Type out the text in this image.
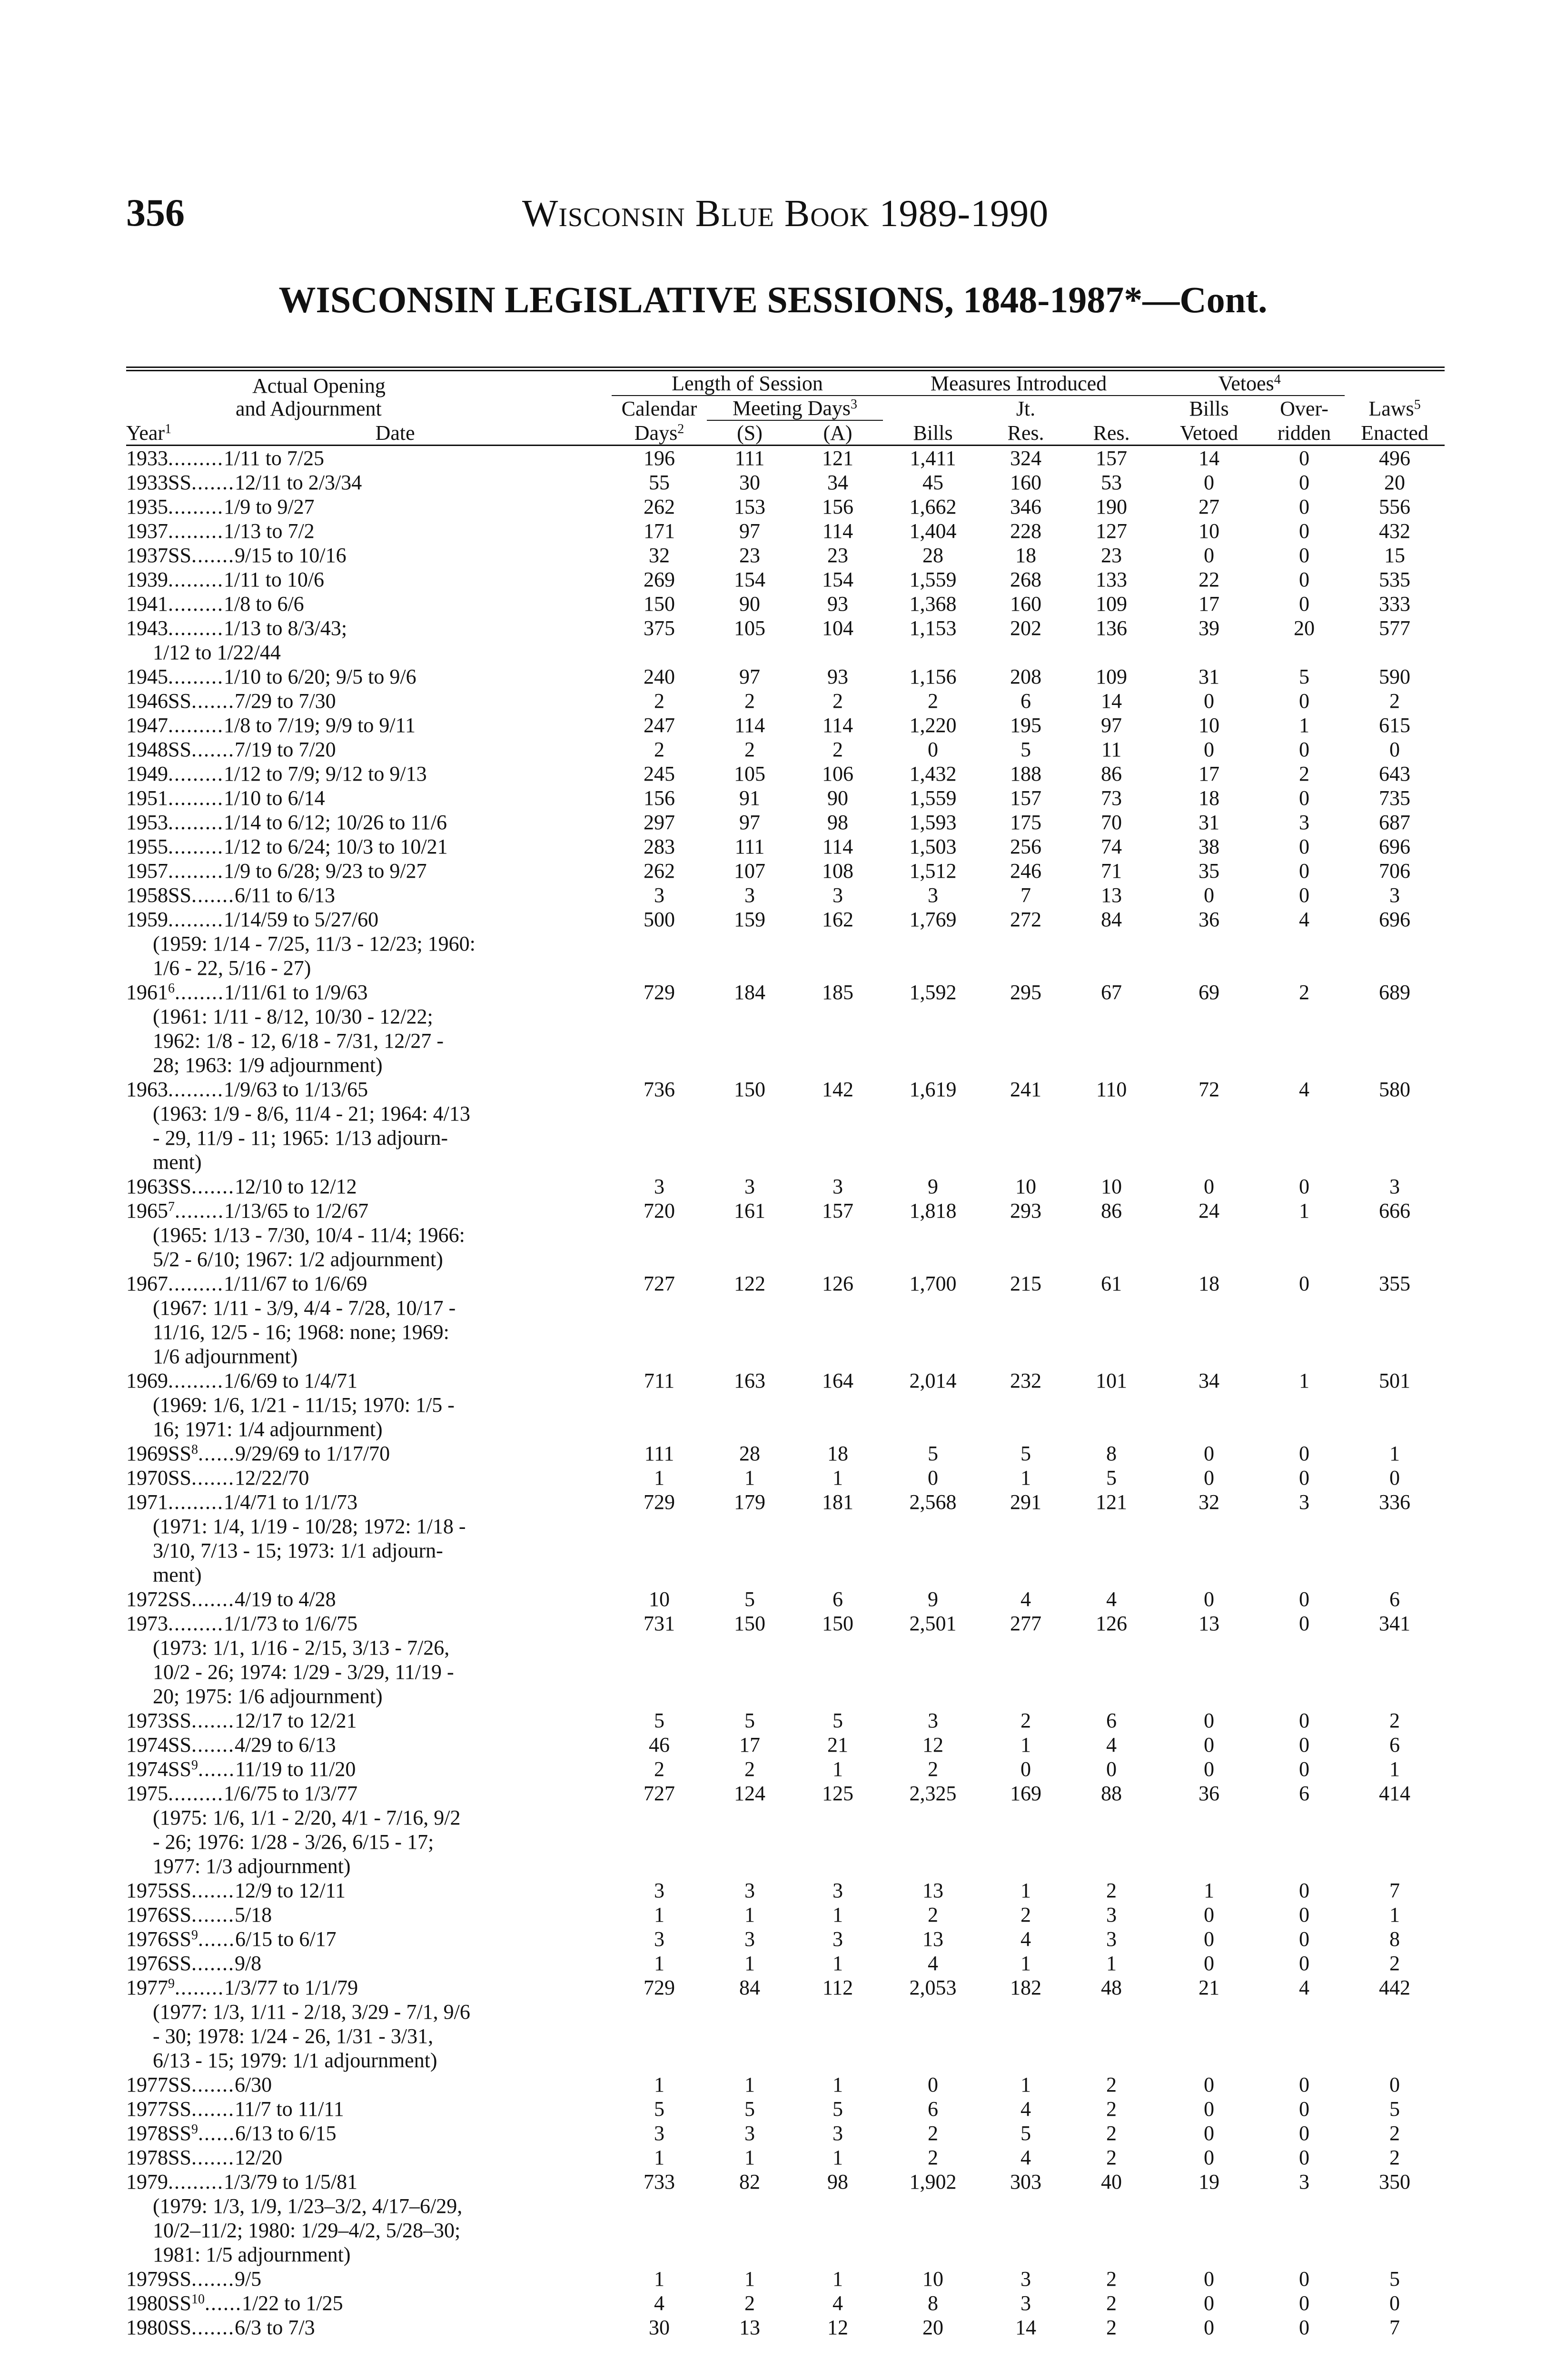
356	Wisconsin Blue Book 1989-1990
WISCONSIN LEGISLATIVE SESSIONS, 1848-1987*—Cont.
Actual Opening
and Adjournment	Length of Session			Measures Introduced			Vetoes$^4$	
	Calendar	Meeting Days$^3$			Jt.		Bills	Over-	Laws$^5$
Year$^1$ Date	Days$^2$	(S)	(A)	Bills	Res.	Res.	Vetoed	ridden	Enacted
1933.........1/11 to 7/25	196	111	121	1,411	324	157	14	0	496
1933SS.......12/11 to 2/3/34	55	30	34	45	160	53	0	0	20
1935.........1/9 to 9/27	262	153	156	1,662	346	190	27	0	556
1937.........1/13 to 7/2	171	97	114	1,404	228	127	10	0	432
1937SS.......9/15 to 10/16	32	23	23	28	18	23	0	0	15
1939.........1/11 to 10/6	269	154	154	1,559	268	133	22	0	535
1941.........1/8 to 6/6	150	90	93	1,368	160	109	17	0	333
1943.........1/13 to 8/3/43;	375	105	104	1,153	202	136	39	20	577
1/12 to 1/22/44									
1945.........1/10 to 6/20; 9/5 to 9/6	240	97	93	1,156	208	109	31	5	590
1946SS.......7/29 to 7/30	2	2	2	2	6	14	0	0	2
1947.........1/8 to 7/19; 9/9 to 9/11	247	114	114	1,220	195	97	10	1	615
1948SS.......7/19 to 7/20	2	2	2	0	5	11	0	0	0
1949.........1/12 to 7/9; 9/12 to 9/13	245	105	106	1,432	188	86	17	2	643
1951.........1/10 to 6/14	156	91	90	1,559	157	73	18	0	735
1953.........1/14 to 6/12; 10/26 to 11/6	297	97	98	1,593	175	70	31	3	687
1955.........1/12 to 6/24; 10/3 to 10/21	283	111	114	1,503	256	74	38	0	696
1957.........1/9 to 6/28; 9/23 to 9/27	262	107	108	1,512	246	71	35	0	706
1958SS.......6/11 to 6/13	3	3	3	3	7	13	0	0	3
1959.........1/14/59 to 5/27/60	500	159	162	1,769	272	84	36	4	696
(1959: 1/14 - 7/25, 11/3 - 12/23; 1960:
1/6 - 22, 5/16 - 27)									
1961$^6$........1/11/61 to 1/9/63	729	184	185	1,592	295	67	69	2	689
(1961: 1/11 - 8/12, 10/30 - 12/22;
1962: 1/8 - 12, 6/18 - 7/31, 12/27 -
28; 1963: 1/9 adjournment)									
1963.........1/9/63 to 1/13/65	736	150	142	1,619	241	110	72	4	580
(1963: 1/9 - 8/6, 11/4 - 21; 1964: 4/13
- 29, 11/9 - 11; 1965: 1/13 adjourn-
ment)									
1963SS.......12/10 to 12/12	3	3	3	9	10	10	0	0	3
1965$^7$........1/13/65 to 1/2/67	720	161	157	1,818	293	86	24	1	666
(1965: 1/13 - 7/30, 10/4 - 11/4; 1966:
5/2 - 6/10; 1967: 1/2 adjournment)									
1967.........1/11/67 to 1/6/69	727	122	126	1,700	215	61	18	0	355
(1967: 1/11 - 3/9, 4/4 - 7/28, 10/17 -
11/16, 12/5 - 16; 1968: none; 1969:
1/6 adjournment)									
1969.........1/6/69 to 1/4/71	711	163	164	2,014	232	101	34	1	501
(1969: 1/6, 1/21 - 11/15; 1970: 1/5 -
16; 1971: 1/4 adjournment)									
$1969SS^8......9/29/69$ to 1/17/70	111	28	18	5	5	8	0	0	1
1970SS.......12/22/70	1	1	1	0	1	5	0	0	0
1971.........1/4/71 to 1/1/73	729	179	181	2,568	291	121	32	3	336
(1971: 1/4, 1/19 - 10/28; 1972: 1/18 -
3/10, 7/13 - 15; 1973: 1/1 adjourn-
ment)									
1972SS.......4/19 to 4/28	10	5	6	9	4	4	0	0	6
1973.........1/1/73 to 1/6/75	731	150	150	2,501	277	126	13	0	341
(1973: 1/1, 1/16 - 2/15, 3/13 - 7/26,
10/2 - 26; 1974: 1/29 - 3/29, 11/19 -
20; 1975: 1/6 adjournment)									
1973SS.......12/17 to 12/21	5	5	5	3	2	6	0	0	2
1974SS.......4/29 to 6/13	46	17	21	12	1	4	0	0	6
$1974SS^9......11/19$ to 11/20	2	2	1	2	0	0	0	0	1
1975.........1/6/75 to 1/3/77	727	124	125	2,325	169	88	36	6	414
(1975: 1/6, 1/1 - 2/20, 4/1 - 7/16, 9/2
- 26; 1976: 1/28 - 3/26, 6/15 - 17;
1977: 1/3 adjournment)									
1975SS.......12/9 to 12/11	3	3	3	13	1	2	1	0	7
1976SS.......5/18	1	1	1	2	2	3	0	0	1
$1976SS^9......6/15$ to 6/17	3	3	3	13	4	3	0	0	8
1976SS.......9/8	1	1	1	4	1	1	0	0	2
1977$^9$........1/3/77 to 1/1/79	729	84	112	2,053	182	48	21	4	442
(1977: 1/3, 1/11 - 2/18, 3/29 - 7/1, 9/6
- 30; 1978: 1/24 - 26, 1/31 - 3/31,
6/13 - 15; 1979: 1/1 adjournment)									
1977SS.......6/30	1	1	1	0	1	2	0	0	0
1977SS.......11/7 to 11/11	5	5	5	6	4	2	0	0	5
$1978SS^9......6/13$ to 6/15	3	3	3	2	5	2	0	0	2
1978SS.......12/20	1	1	1	2	4	2	0	0	2
1979.........1/3/79 to 1/5/81	733	82	98	1,902	303	40	19	3	350
(1979: 1/3, 1/9, 1/23–3/2, 4/17–6/29,
10/2–11/2; 1980: 1/29–4/2, 5/28–30;
1981: 1/5 adjournment)									
1979SS.......9/5	1	1	1	10	3	2	0	0	5
1980SS$^{10}$......1/22 to 1/25	4	2	4	8	3	2	0	0	0
1980SS.......6/3 to 7/3	30	13	12	20	14	2	0	0	7
